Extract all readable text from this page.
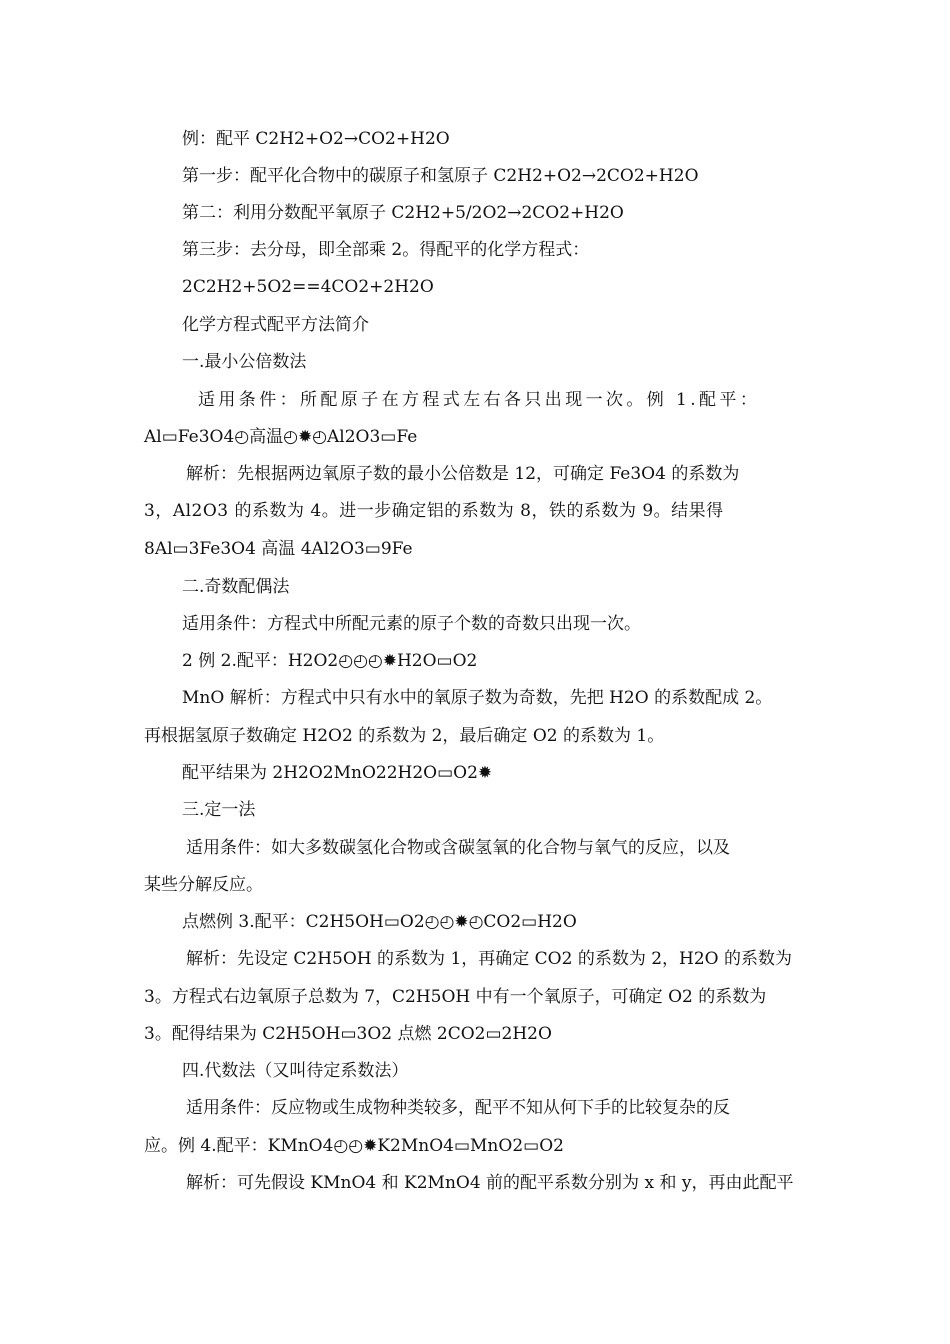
例：配平 C2H2+O2→CO2+H2O
第一步：配平化合物中的碳原子和氢原子 C2H2+O2→2CO2+H2O
第二：利用分数配平氧原子 C2H2+5/2O2→2CO2+H2O
第三步：去分母，即全部乘 2。得配平的化学方程式：
2C2H2+5O2==4CO2+2H2O
化学方程式配平方法简介
一.最小公倍数法
适用条件：所配原子在方程式左右各只出现一次。例 1.配平：
Al▭Fe3O4◴高温◴✹◴Al2O3▭Fe
解析：先根据两边氧原子数的最小公倍数是 12，可确定 Fe3O4 的系数为
3，Al2O3 的系数为 4。进一步确定铝的系数为 8，铁的系数为 9。结果得
8Al▭3Fe3O4 高温 4Al2O3▭9Fe
二.奇数配偶法
适用条件：方程式中所配元素的原子个数的奇数只出现一次。
2 例 2.配平：H2O2◴◴◴✹H2O▭O2
MnO 解析：方程式中只有水中的氧原子数为奇数，先把 H2O 的系数配成 2。
再根据氢原子数确定 H2O2 的系数为 2，最后确定 O2 的系数为 1。
配平结果为 2H2O2MnO22H2O▭O2✹
三.定一法
适用条件：如大多数碳氢化合物或含碳氢氧的化合物与氧气的反应，以及
某些分解反应。
点燃例 3.配平：C2H5OH▭O2◴◴✹◴CO2▭H2O
解析：先设定 C2H5OH 的系数为 1，再确定 CO2 的系数为 2，H2O 的系数为
3。方程式右边氧原子总数为 7，C2H5OH 中有一个氧原子，可确定 O2 的系数为
3。配得结果为 C2H5OH▭3O2 点燃 2CO2▭2H2O
四.代数法（又叫待定系数法）
适用条件：反应物或生成物种类较多，配平不知从何下手的比较复杂的反
应。例 4.配平：KMnO4◴◴✹K2MnO4▭MnO2▭O2
解析：可先假设 KMnO4 和 K2MnO4 前的配平系数分别为 x 和 y，再由此配平
